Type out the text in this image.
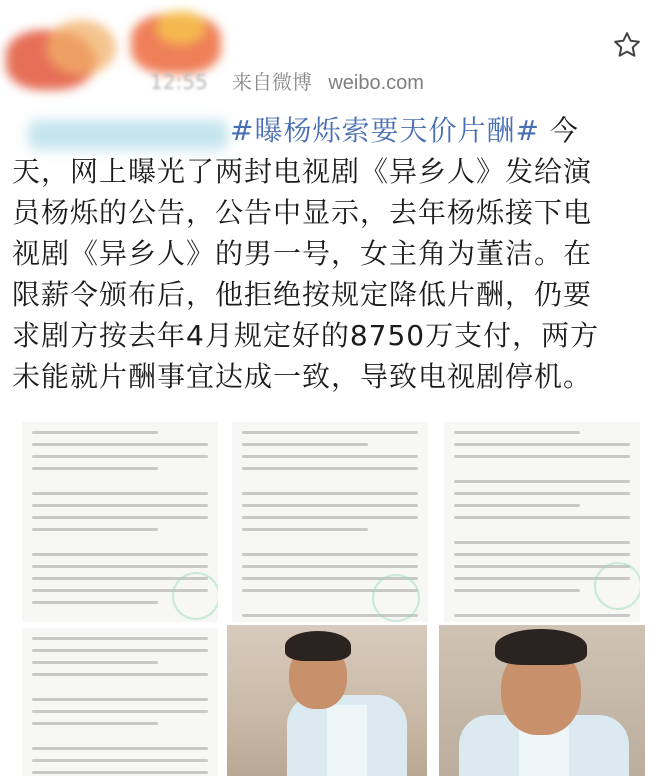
12:55 来自微博 weibo.com
#曝杨烁索要天价片酬# 今
天，网上曝光了两封电视剧《异乡人》发给演
员杨烁的公告，公告中显示，去年杨烁接下电
视剧《异乡人》的男一号，女主角为董洁。在
限薪令颁布后，他拒绝按规定降低片酬，仍要
求剧方按去年4月规定好的8750万支付，两方
未能就片酬事宜达成一致，导致电视剧停机。
